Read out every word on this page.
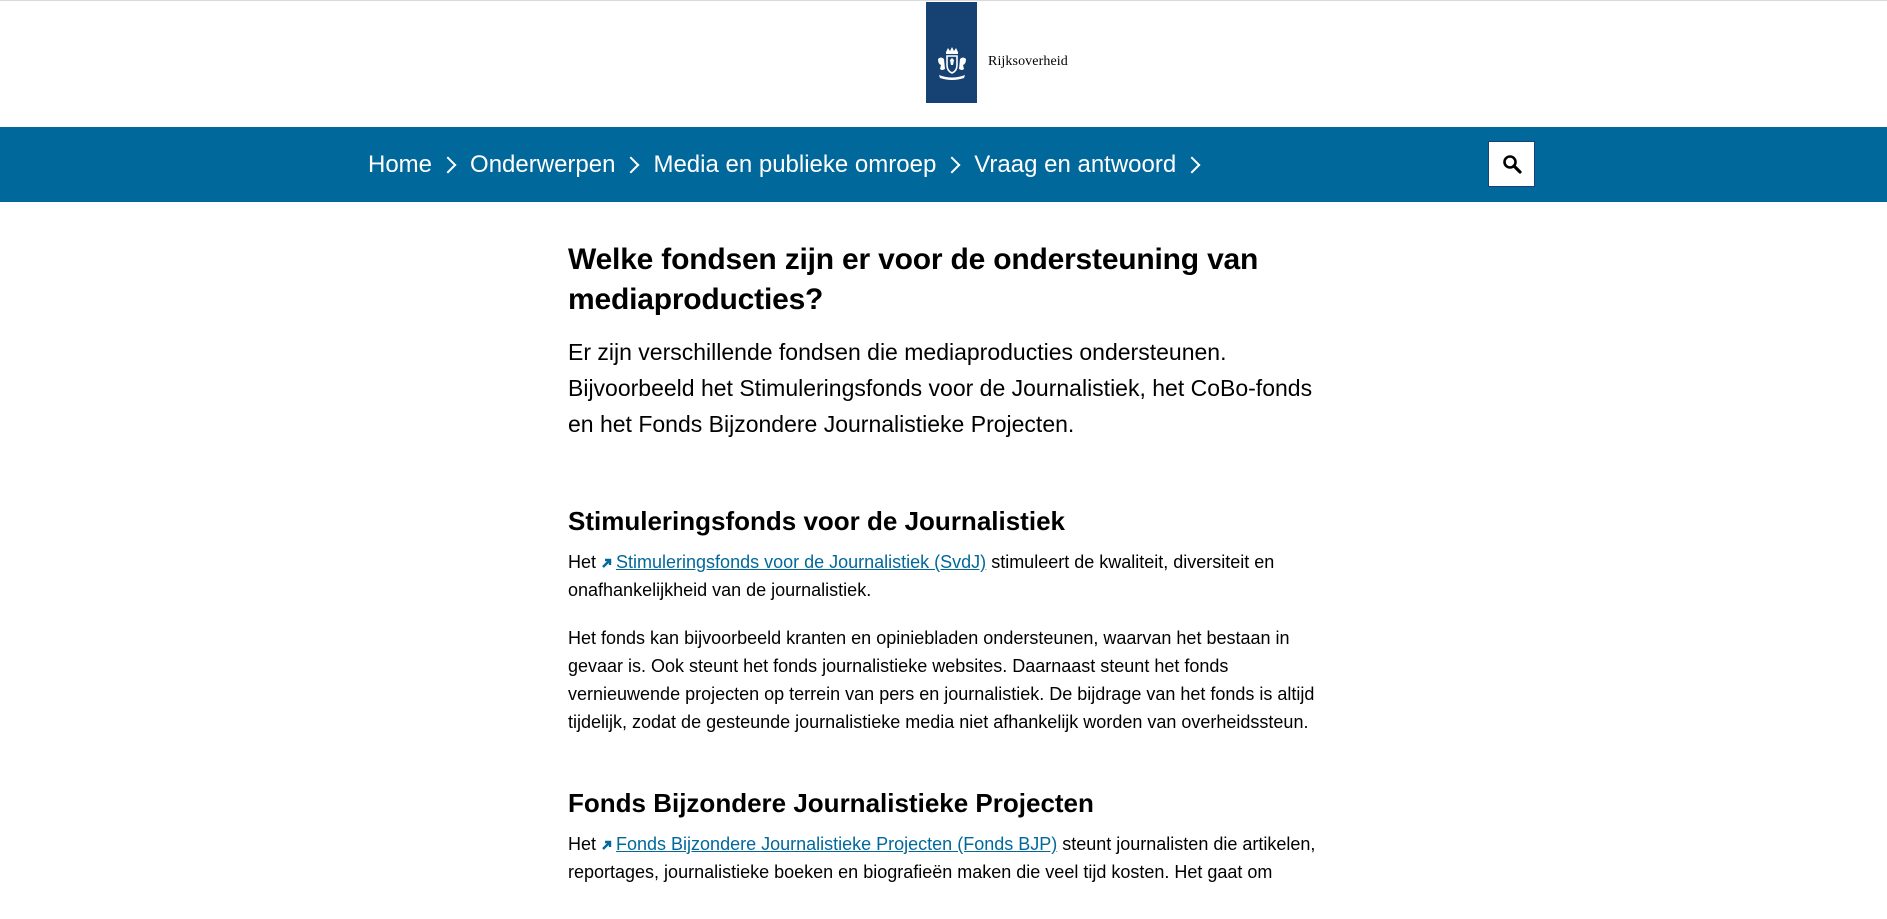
Rijksoverheid
Home Onderwerpen Media en publieke omroep Vraag en antwoord
Welke fondsen zijn er voor de ondersteuning van mediaproducties?

Er zijn verschillende fondsen die mediaproducties ondersteunen. Bijvoorbeeld het Stimuleringsfonds voor de Journalistiek, het CoBo-fonds en het Fonds Bijzondere Journalistieke Projecten.

Stimuleringsfonds voor de Journalistiek

Het Stimuleringsfonds voor de Journalistiek (SvdJ) stimuleert de kwaliteit, diversiteit en onafhankelijkheid van de journalistiek.

Het fonds kan bijvoorbeeld kranten en opiniebladen ondersteunen, waarvan het bestaan in gevaar is. Ook steunt het fonds journalistieke websites. Daarnaast steunt het fonds vernieuwende projecten op terrein van pers en journalistiek. De bijdrage van het fonds is altijd tijdelijk, zodat de gesteunde journalistieke media niet afhankelijk worden van overheidssteun.

Fonds Bijzondere Journalistieke Projecten

Het Fonds Bijzondere Journalistieke Projecten (Fonds BJP) steunt journalisten die artikelen, reportages, journalistieke boeken en biografieën maken die veel tijd kosten. Het gaat om
